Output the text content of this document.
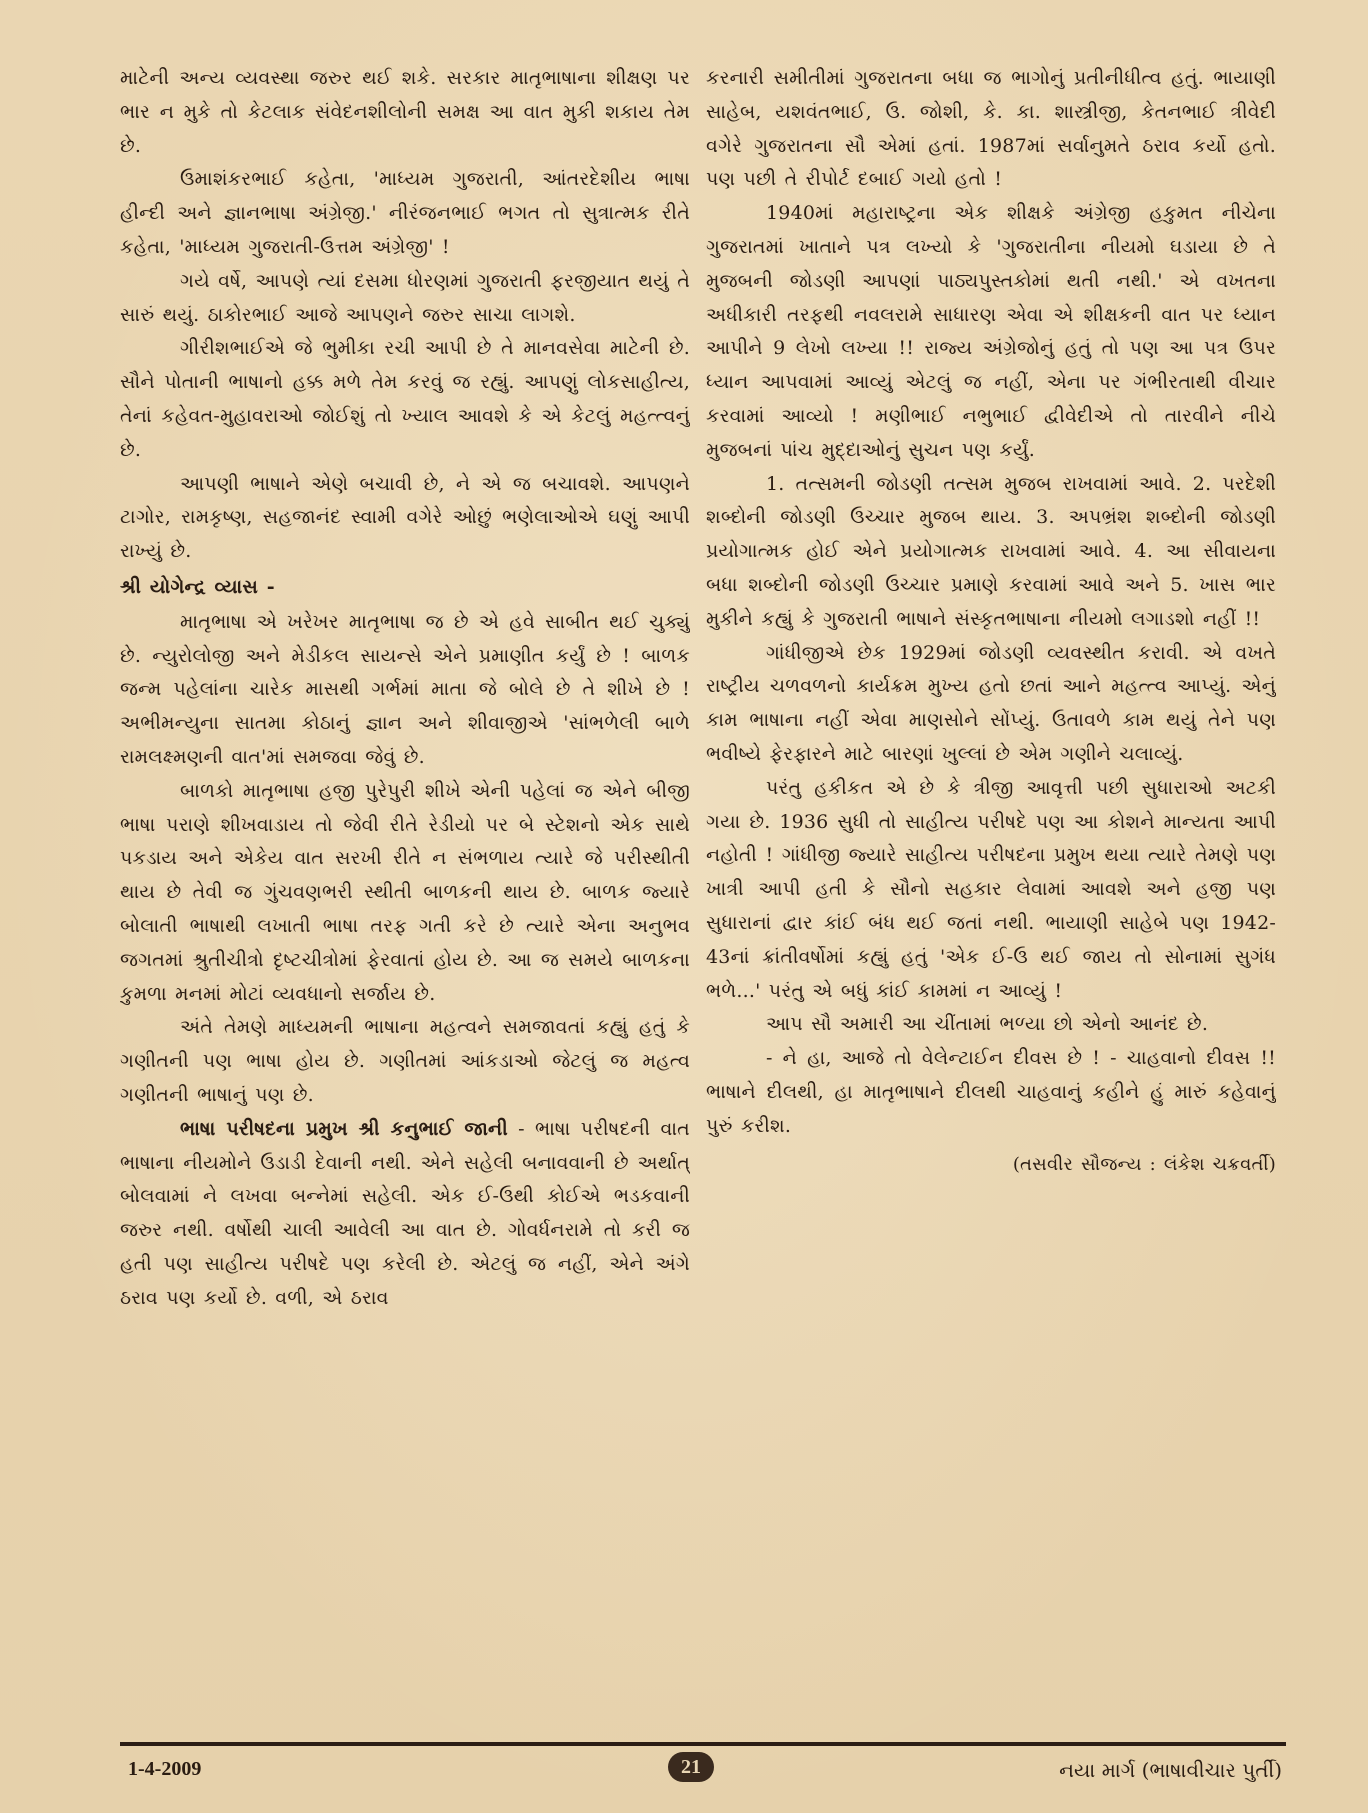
માટેની અન્ય વ્યવસ્થા જરુર થઈ શકે. સરકાર માતૃભાષાના શીક્ષણ પર ભાર ન મુકે તો કેટલાક સંવેદનશીલોની સમક્ષ આ વાત મુકી શકાય તેમ છે.

ઉમાશંકરભાઈ કહેતા, 'માધ્યમ ગુજરાતી, આંતરદેશીય ભાષા હીન્દી અને જ્ઞાનભાષા અંગ્રેજી.' નીરંજનભાઈ ભગત તો સુત્રાત્મક રીતે કહેતા, 'માધ્યમ ગુજરાતી-ઉત્તમ અંગ્રેજી' !

ગયે વર્ષે, આપણે ત્યાં દસમા ધોરણમાં ગુજરાતી ફરજીયાત થયું તે સારું થયું. ઠાકોરભાઈ આજે આપણને જરુર સાચા લાગશે.

ગીરીશભાઈએ જે ભુમીકા રચી આપી છે તે માનવસેવા માટેની છે. સૌને પોતાની ભાષાનો હક્ક મળે તેમ કરવું જ રહ્યું. આપણું લોકસાહીત્ય, તેનાં કહેવત-મુહાવરાઓ જોઈશું તો ખ્યાલ આવશે કે એ કેટલું મહત્ત્વનું છે.

આપણી ભાષાને એણે બચાવી છે, ને એ જ બચાવશે. આપણને ટાગોર, રામકૃષ્ણ, સહજાનંદ સ્વામી વગેરે ઓછું ભણેલાઓએ ઘણું આપી રાખ્યું છે.

શ્રી યોગેન્દ્ર વ્યાસ -

માતૃભાષા એ ખરેખર માતૃભાષા જ છે એ હવે સાબીત થઈ ચુક્યું છે. ન્યુરોલોજી અને મેડીકલ સાયન્સે એને પ્રમાણીત કર્યું છે ! બાળક જન્મ પહેલાંના ચારેક માસથી ગર્ભમાં માતા જે બોલે છે તે શીખે છે ! અભીમન્યુના સાતમા કોઠાનું જ્ઞાન અને શીવાજીએ 'સાંભળેલી બાળે રામલક્ષ્મણની વાત'માં સમજવા જેવું છે.

બાળકો માતૃભાષા હજી પુરેપુરી શીખે એની પહેલાં જ એને બીજી ભાષા પરાણે શીખવાડાય તો જેવી રીતે રેડીયો પર બે સ્ટેશનો એક સાથે પકડાય અને એકેય વાત સરખી રીતે ન સંભળાય ત્યારે જે પરીસ્થીતી થાય છે તેવી જ ગુંચવણભરી સ્થીતી બાળકની થાય છે. બાળક જ્યારે બોલાતી ભાષાથી લખાતી ભાષા તરફ ગતી કરે છે ત્યારે એના અનુભવ જગતમાં શ્રુતીચીત્રો દૃષ્ટચીત્રોમાં ફેરવાતાં હોય છે. આ જ સમયે બાળકના કુમળા મનમાં મોટાં વ્યવધાનો સર્જાય છે.

અંતે તેમણે માધ્યમની ભાષાના મહત્વને સમજાવતાં કહ્યું હતું કે ગણીતની પણ ભાષા હોય છે. ગણીતમાં આંકડાઓ જેટલું જ મહત્વ ગણીતની ભાષાનું પણ છે.

ભાષા પરીષદના પ્રમુખ શ્રી કનુભાઈ જાની - ભાષા પરીષદની વાત ભાષાના નીયમોને ઉડાડી દેવાની નથી. એને સહેલી બનાવવાની છે અર્થાત્ બોલવામાં ને લખવા બન્નેમાં સહેલી. એક ઈ-ઉથી કોઈએ ભડકવાની જરુર નથી. વર્ષોથી ચાલી આવેલી આ વાત છે. ગોવર્ધનરામે તો કરી જ હતી પણ સાહીત્ય પરીષદે પણ કરેલી છે. એટલું જ નહીં, એને અંગે ઠરાવ પણ કર્યો છે. વળી, એ ઠરાવ

કરનારી સમીતીમાં ગુજરાતના બધા જ ભાગોનું પ્રતીનીધીત્વ હતું. ભાયાણી સાહેબ, યશવંતભાઈ, ઉ. જોશી, કે. કા. શાસ્ત્રીજી, કેતનભાઈ ત્રીવેદી વગેરે ગુજરાતના સૌ એમાં હતાં. 1987માં સર્વાનુમતે ઠરાવ કર્યો હતો. પણ પછી તે રીપોર્ટ દબાઈ ગયો હતો !

1940માં મહારાષ્ટ્રના એક શીક્ષકે અંગ્રેજી હકુમત નીચેના ગુજરાતમાં ખાતાને પત્ર લખ્યો કે 'ગુજરાતીના નીયમો ઘડાયા છે તે મુજબની જોડણી આપણાં પાઠ્યપુસ્તકોમાં થતી નથી.' એ વખતના અધીકારી તરફથી નવલરામે સાધારણ એવા એ શીક્ષકની વાત પર ધ્યાન આપીને 9 લેખો લખ્યા !! રાજ્ય અંગ્રેજોનું હતું તો પણ આ પત્ર ઉપર ધ્યાન આપવામાં આવ્યું એટલું જ નહીં, એના પર ગંભીરતાથી વીચાર કરવામાં આવ્યો ! મણીભાઈ નભુભાઈ દ્વીવેદીએ તો તારવીને નીચે મુજબનાં પાંચ મુદ્દાઓનું સુચન પણ કર્યું.

1. તત્સમની જોડણી તત્સમ મુજબ રાખવામાં આવે. 2. પરદેશી શબ્દોની જોડણી ઉચ્ચાર મુજબ થાય. 3. અપભ્રંશ શબ્દોની જોડણી પ્રયોગાત્મક હોઈ એને પ્રયોગાત્મક રાખવામાં આવે. 4. આ સીવાયના બધા શબ્દોની જોડણી ઉચ્ચાર પ્રમાણે કરવામાં આવે અને 5. ખાસ ભાર મુકીને કહ્યું કે ગુજરાતી ભાષાને સંસ્કૃતભાષાના નીયમો લગાડશો નહીં !!

ગાંધીજીએ છેક 1929માં જોડણી વ્યવસ્થીત કરાવી. એ વખતે રાષ્ટ્રીય ચળવળનો કાર્યક્રમ મુખ્ય હતો છતાં આને મહત્ત્વ આપ્યું. એનું કામ ભાષાના નહીં એવા માણસોને સોંપ્યું. ઉતાવળે કામ થયું તેને પણ ભવીષ્યે ફેરફારને માટે બારણાં ખુલ્લાં છે એમ ગણીને ચલાવ્યું.

પરંતુ હકીકત એ છે કે ત્રીજી આવૃત્તી પછી સુધારાઓ અટકી ગયા છે. 1936 સુધી તો સાહીત્ય પરીષદે પણ આ કોશને માન્યતા આપી નહોતી ! ગાંધીજી જ્યારે સાહીત્ય પરીષદના પ્રમુખ થયા ત્યારે તેમણે પણ ખાત્રી આપી હતી કે સૌનો સહકાર લેવામાં આવશે અને હજી પણ સુધારાનાં દ્વાર કાંઈ બંધ થઈ જતાં નથી. ભાયાણી સાહેબે પણ 1942-43નાં ક્રાંતીવર્ષોમાં કહ્યું હતું 'એક ઈ-ઉ થઈ જાય તો સોનામાં સુગંધ ભળે...' પરંતુ એ બધું કાંઈ કામમાં ન આવ્યું !

આપ સૌ અમારી આ ચીંતામાં ભળ્યા છો એનો આનંદ છે.

- ને હા, આજે તો વેલેન્ટાઈન દીવસ છે ! - ચાહવાનો દીવસ !! ભાષાને દીલથી, હા માતૃભાષાને દીલથી ચાહવાનું કહીને હું મારું કહેવાનું પુરું કરીશ.

(તસવીર સૌજન્ય : લંકેશ ચક્રવર્તી)

1-4-2009	21	નયા માર્ગ (ભાષાવીચાર પુર્તી)
